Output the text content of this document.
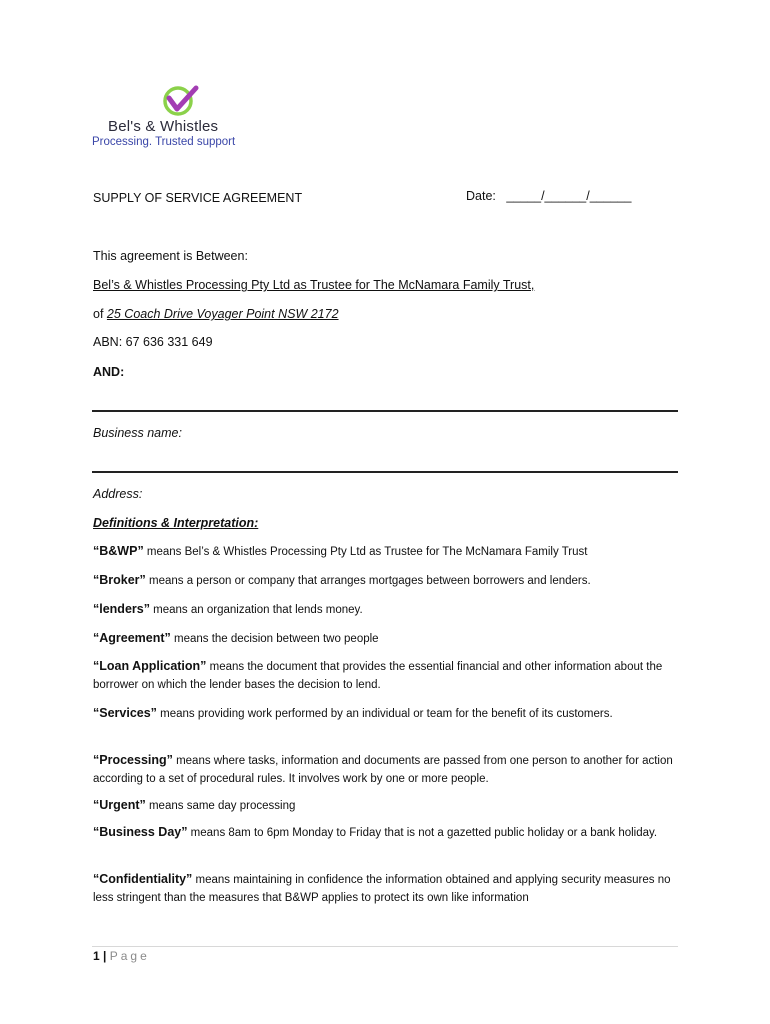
Bel's & Whistles
Processing. Trusted support
SUPPLY OF SERVICE AGREEMENT	Date: _____/______/______
This agreement is Between:
Bel’s & Whistles Processing Pty Ltd as Trustee for The McNamara Family Trust,
of 25 Coach Drive Voyager Point NSW 2172
ABN: 67 636 331 649
AND:
Business name:
Address:
Definitions & Interpretation:
“B&WP” means Bel’s & Whistles Processing Pty Ltd as Trustee for The McNamara Family Trust
“Broker” means a person or company that arranges mortgages between borrowers and lenders.
“lenders” means an organization that lends money.
“Agreement” means the decision between two people
“Loan Application” means the document that provides the essential financial and other information about the borrower on which the lender bases the decision to lend.
“Services” means providing work performed by an individual or team for the benefit of its customers.
“Processing” means where tasks, information and documents are passed from one person to another for action according to a set of procedural rules. It involves work by one or more people.
“Urgent” means same day processing
“Business Day” means 8am to 6pm Monday to Friday that is not a gazetted public holiday or a bank holiday.
“Confidentiality” means maintaining in confidence the information obtained and applying security measures no less stringent than the measures that B&WP applies to protect its own like information
1 | Page
